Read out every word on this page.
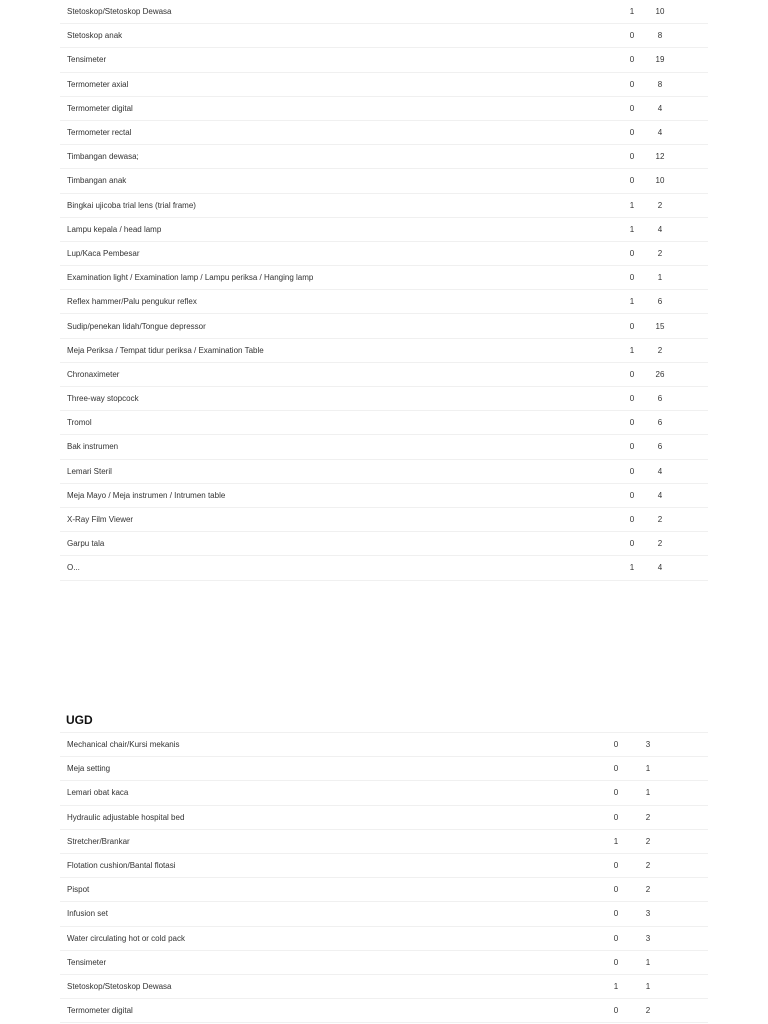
Stetoskop/Stetoskop Dewasa	1	10
Stetoskop anak	0	8
Tensimeter	0	19
Termometer axial	0	8
Termometer digital	0	4
Termometer rectal	0	4
Timbangan dewasa;	0	12
Timbangan anak	0	10
Bingkai ujicoba trial lens (trial frame)	1	2
Lampu kepala / head lamp	1	4
Lup/Kaca Pembesar	0	2
Examination light / Examination lamp / Lampu periksa / Hanging lamp	0	1
Reflex hammer/Palu pengukur reflex	1	6
Sudip/penekan lidah/Tongue depressor	0	15
Meja Periksa / Tempat tidur periksa / Examination Table	1	2
Chronaximeter	0	26
Three-way stopcock	0	6
Tromol	0	6
Bak instrumen	0	6
Lemari Steril	0	4
Meja Mayo / Meja instrumen / Intrumen table	0	4
X-Ray Film Viewer	0	2
Garpu tala	0	2
O...	1	4
UGD
Mechanical chair/Kursi mekanis	0	3
Meja setting	0	1
Lemari obat kaca	0	1
Hydraulic adjustable hospital bed	0	2
Stretcher/Brankar	1	2
Flotation cushion/Bantal flotasi	0	2
Pispot	0	2
Infusion set	0	3
Water circulating hot or cold pack	0	3
Tensimeter	0	1
Stetoskop/Stetoskop Dewasa	1	1
Termometer digital	0	2
